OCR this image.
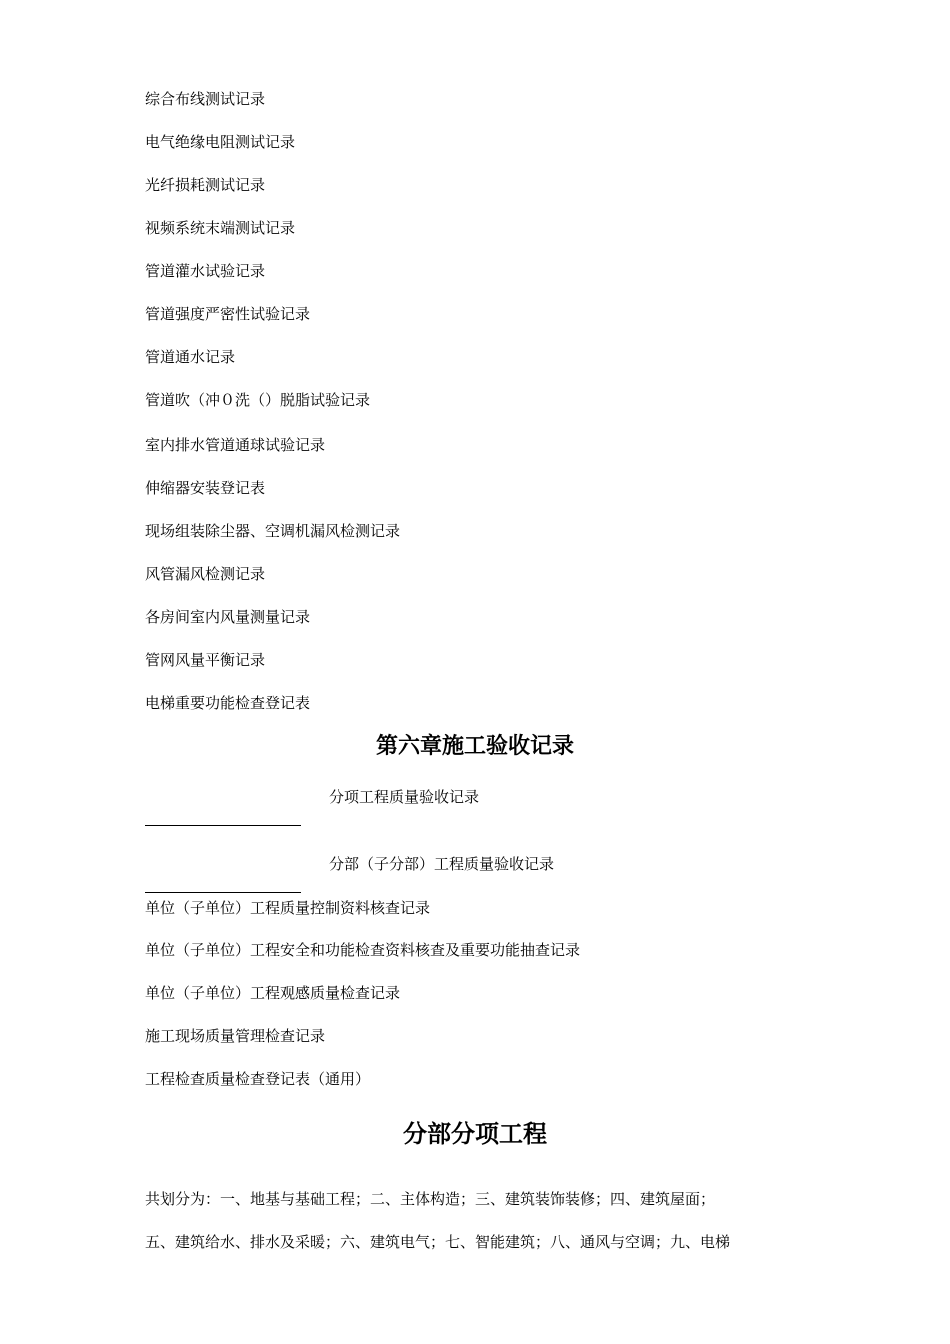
综合布线测试记录
电气绝缘电阻测试记录
光纤损耗测试记录
视频系统末端测试记录
管道灌水试验记录
管道强度严密性试验记录
管道通水记录
管道吹（冲０洗（）脱脂试验记录
室内排水管道通球试验记录
伸缩器安装登记表
现场组装除尘器、空调机漏风检测记录
风管漏风检测记录
各房间室内风量测量记录
管网风量平衡记录
电梯重要功能检查登记表
第六章施工验收记录
分项工程质量验收记录
分部（子分部）工程质量验收记录
单位（子单位）工程质量控制资料核查记录
单位（子单位）工程安全和功能检查资料核查及重要功能抽查记录
单位（子单位）工程观感质量检查记录
施工现场质量管理检查记录
工程检查质量检查登记表（通用）
分部分项工程
共划分为：一、地基与基础工程；二、主体构造；三、建筑装饰装修；四、建筑屋面；
五、建筑给水、排水及采暖；六、建筑电气；七、智能建筑；八、通风与空调；九、电梯
